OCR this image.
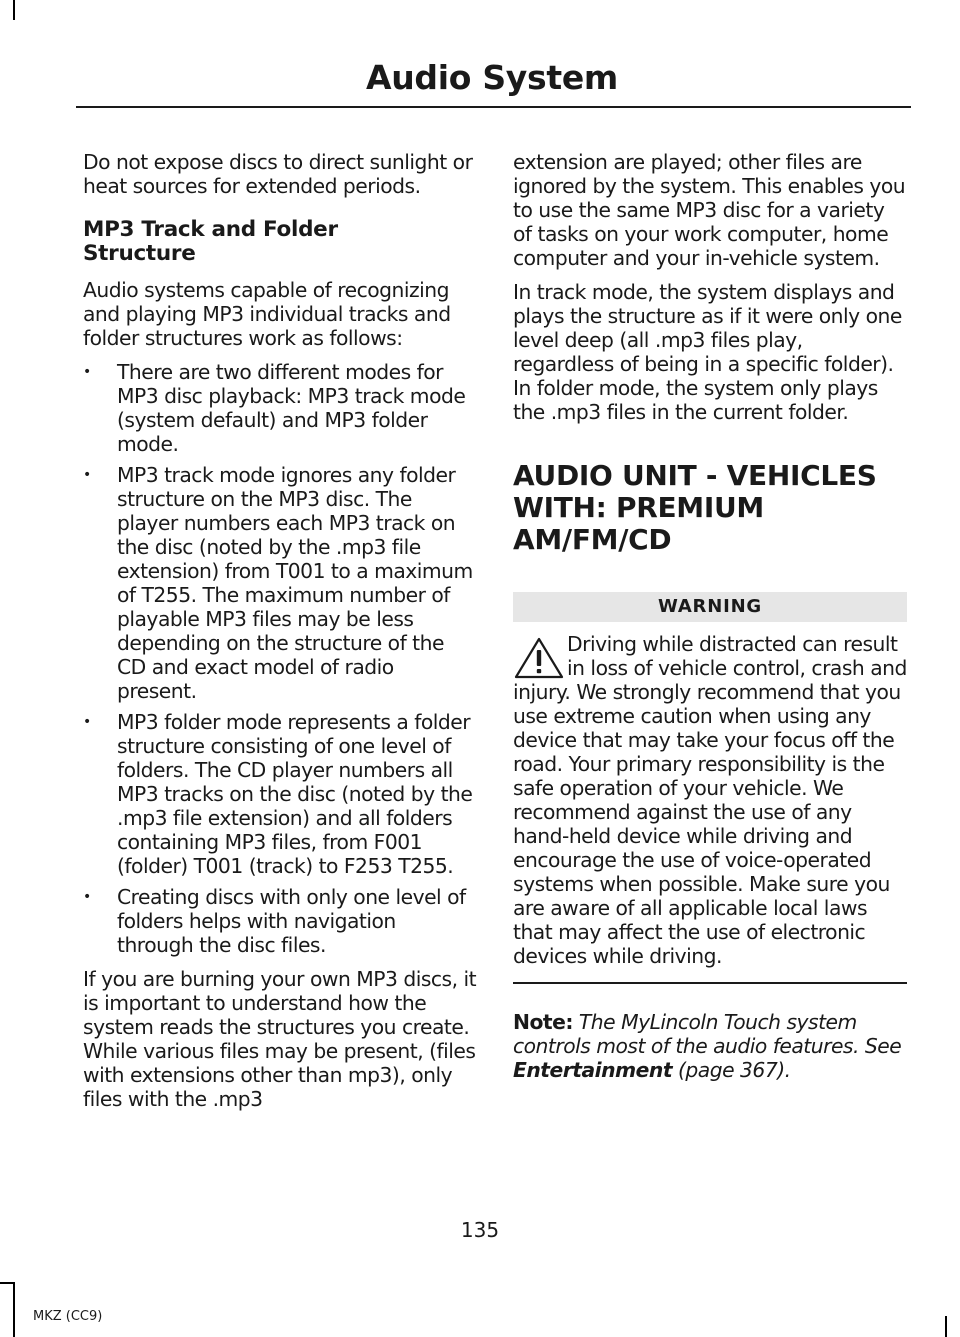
Audio System

Do not expose discs to direct sunlight or heat sources for extended periods.

MP3 Track and Folder
Structure

Audio systems capable of recognizing and playing MP3 individual tracks and folder structures work as follows:

• There are two different modes for MP3 disc playback: MP3 track mode (system default) and MP3 folder mode.
• MP3 track mode ignores any folder structure on the MP3 disc. The player numbers each MP3 track on the disc (noted by the .mp3 file extension) from T001 to a maximum of T255. The maximum number of playable MP3 files may be less depending on the structure of the CD and exact model of radio present.
• MP3 folder mode represents a folder structure consisting of one level of folders. The CD player numbers all MP3 tracks on the disc (noted by the .mp3 file extension) and all folders containing MP3 files, from F001 (folder) T001 (track) to F253 T255.
• Creating discs with only one level of folders helps with navigation through the disc files.

If you are burning your own MP3 discs, it is important to understand how the system reads the structures you create. While various files may be present, (files with extensions other than mp3), only files with the .mp3

extension are played; other files are ignored by the system. This enables you to use the same MP3 disc for a variety of tasks on your work computer, home computer and your in-vehicle system.

In track mode, the system displays and plays the structure as if it were only one level deep (all .mp3 files play, regardless of being in a specific folder). In folder mode, the system only plays the .mp3 files in the current folder.

AUDIO UNIT - VEHICLES
WITH: PREMIUM
AM/FM/CD
WARNING
Driving while distracted can result in loss of vehicle control, crash and injury. We strongly recommend that you use extreme caution when using any device that may take your focus off the road. Your primary responsibility is the safe operation of your vehicle. We recommend against the use of any hand-held device while driving and encourage the use of voice-operated systems when possible. Make sure you are aware of all applicable local laws that may affect the use of electronic devices while driving.

Note: The MyLincoln Touch system controls most of the audio features. See Entertainment (page 367).

135
MKZ (CC9)
